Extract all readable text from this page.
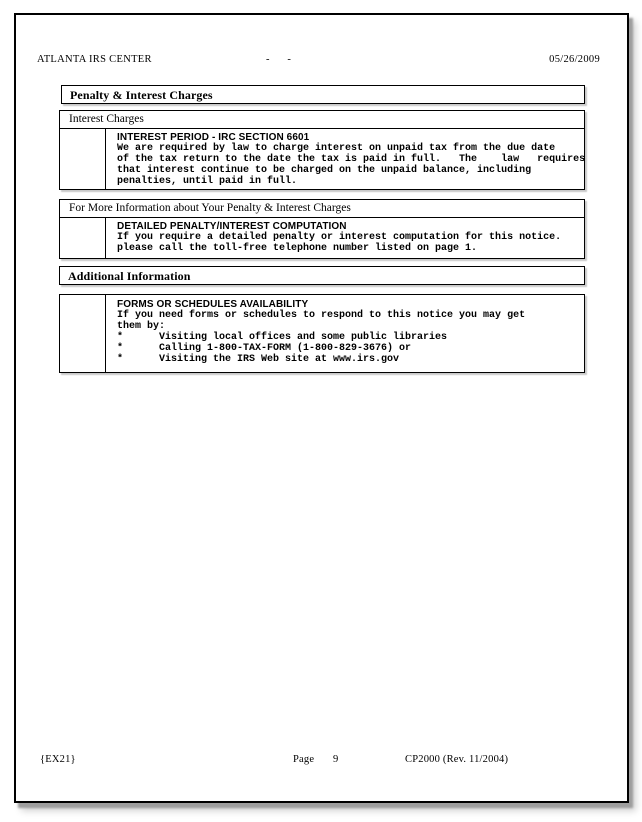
ATLANTA IRS CENTER	-      -	05/26/2009
Penalty & Interest Charges
Interest Charges
INTEREST PERIOD - IRC SECTION 6601
We are required by law to charge interest on unpaid tax from the due date
of the tax return to the date the tax is paid in full.   The    law   requires
that interest continue to be charged on the unpaid balance, including
penalties, until paid in full.
For More Information about Your Penalty & Interest Charges
DETAILED PENALTY/INTEREST COMPUTATION
If you require a detailed penalty or interest computation for this notice.
please call the toll-free telephone number listed on page 1.
Additional Information
FORMS OR SCHEDULES AVAILABILITY
If you need forms or schedules to respond to this notice you may get
them by:
*      Visiting local offices and some public libraries
*      Calling 1-800-TAX-FORM (1-800-829-3676) or
*      Visiting the IRS Web site at www.irs.gov
{EX21}	Page 9	CP2000 (Rev. 11/2004)
